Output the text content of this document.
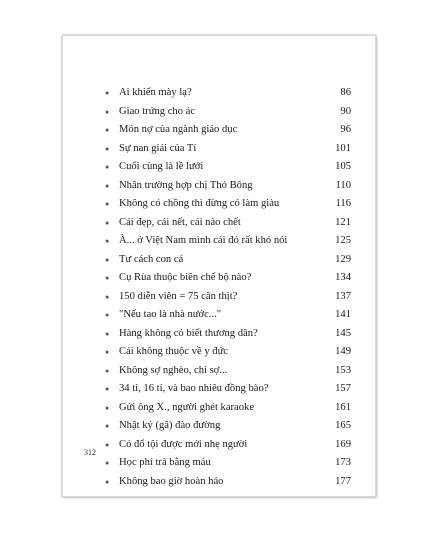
● Ai khiến mày lạ?	86
● Giao trứng cho ác	90
● Món nợ của ngành giáo dục	96
● Sự nan giải của Tí	101
● Cuối cùng là lề lưới	105
● Nhân trường hợp chị Thỏ Bông	110
● Không có chồng thì đừng có làm giàu	116
● Cái đẹp, cái nết, cái nào chết	121
● À... ở Việt Nam mình cái đó rất khó nói	125
● Tư cách con cá	129
● Cụ Rùa thuộc biên chế bộ nào?	134
● 150 diễn viên = 75 cân thịt?	137
● "Nếu tao là nhà nước..."	141
● Hàng không có biết thương dân?	145
● Cái không thuộc về y đức	149
● Không sợ nghèo, chỉ sợ...	153
● 34 tỉ, 16 tỉ, và bao nhiêu đồng bào?	157
● Gửi ông X., người ghét karaoke	161
● Nhật ký (gã) đào đường	165
● Có đổ tội được mới nhẹ người	169
● Học phí trả bằng máu	173
● Không bao giờ hoàn hảo	177
312
